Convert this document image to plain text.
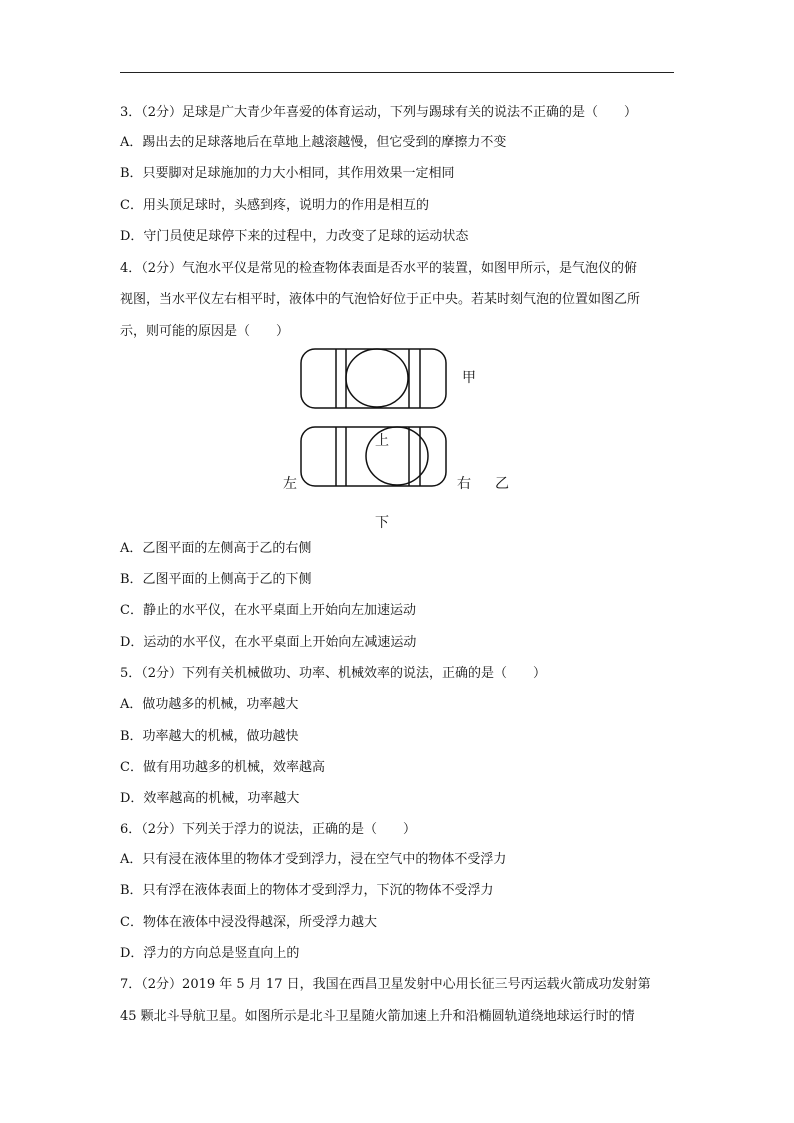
3．（2分）足球是广大青少年喜爱的体育运动，下列与踢球有关的说法不正确的是（　　）
A．踢出去的足球落地后在草地上越滚越慢，但它受到的摩擦力不变
B．只要脚对足球施加的力大小相同，其作用效果一定相同
C．用头顶足球时，头感到疼，说明力的作用是相互的
D．守门员使足球停下来的过程中，力改变了足球的运动状态
4．（2分）气泡水平仪是常见的检查物体表面是否水平的装置，如图甲所示，是气泡仪的俯
视图，当水平仪左右相平时，液体中的气泡恰好位于正中央。若某时刻气泡的位置如图乙所
示，则可能的原因是（　　）
甲
上
左	右 乙
下
A．乙图平面的左侧高于乙的右侧
B．乙图平面的上侧高于乙的下侧
C．静止的水平仪，在水平桌面上开始向左加速运动
D．运动的水平仪，在水平桌面上开始向左减速运动
5．（2分）下列有关机械做功、功率、机械效率的说法，正确的是（　　）
A．做功越多的机械，功率越大
B．功率越大的机械，做功越快
C．做有用功越多的机械，效率越高
D．效率越高的机械，功率越大
6．（2分）下列关于浮力的说法，正确的是（　　）
A．只有浸在液体里的物体才受到浮力，浸在空气中的物体不受浮力
B．只有浮在液体表面上的物体才受到浮力，下沉的物体不受浮力
C．物体在液体中浸没得越深，所受浮力越大
D．浮力的方向总是竖直向上的
7．（2分）2019 年 5 月 17 日，我国在西昌卫星发射中心用长征三号丙运载火箭成功发射第
45 颗北斗导航卫星。如图所示是北斗卫星随火箭加速上升和沿椭圆轨道绕地球运行时的情
